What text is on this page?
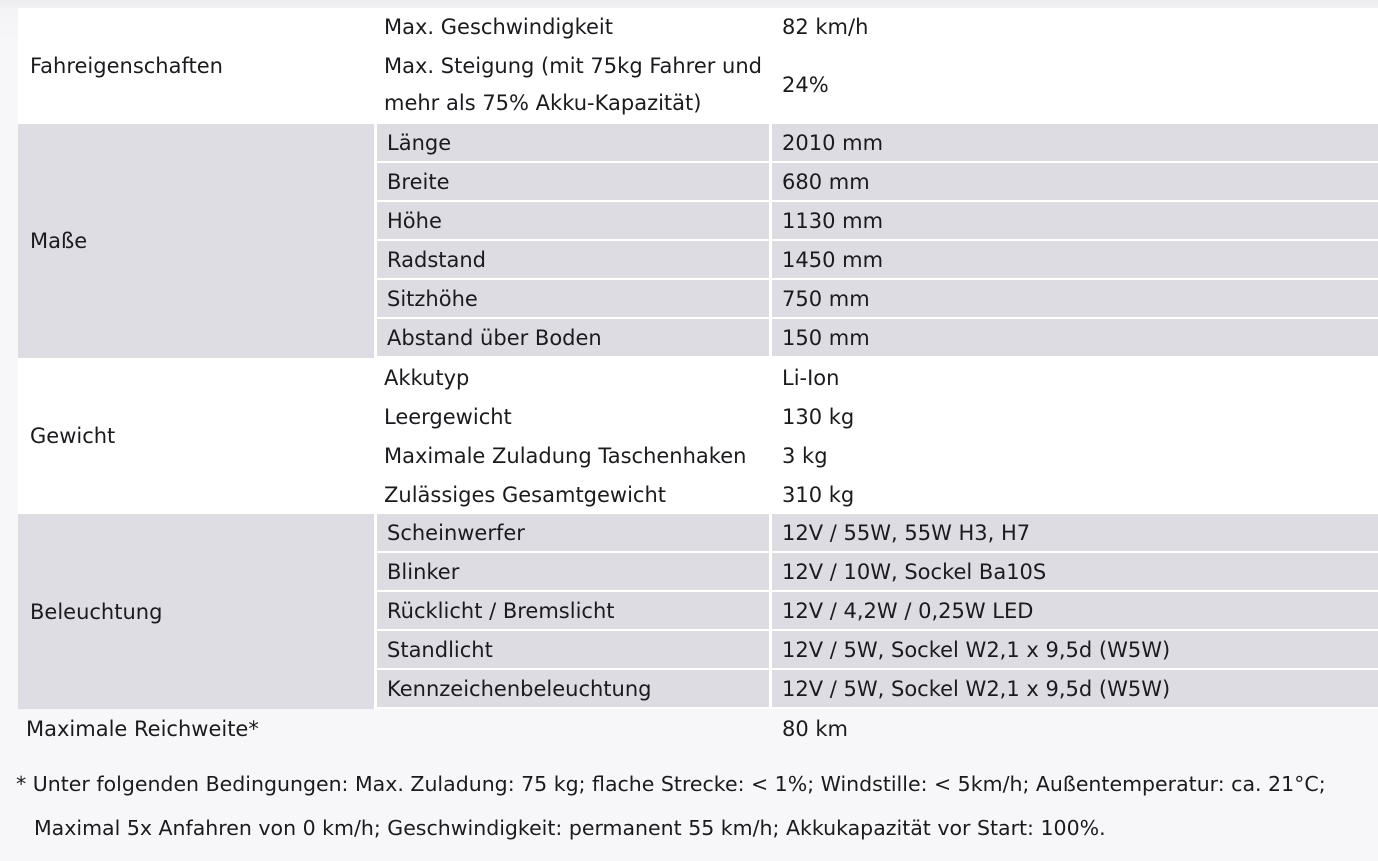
Fahreigenschaften	Max. Geschwindigkeit	82 km/h
	Max. Steigung (mit 75kg Fahrer und mehr als 75% Akku-Kapazität)	24%
Maße	Länge	2010 mm
	Breite	680 mm
	Höhe	1130 mm
	Radstand	1450 mm
	Sitzhöhe	750 mm
	Abstand über Boden	150 mm
Gewicht	Akkutyp	Li-Ion
	Leergewicht	130 kg
	Maximale Zuladung Taschenhaken	3 kg
	Zulässiges Gesamtgewicht	310 kg
Beleuchtung	Scheinwerfer	12V / 55W, 55W H3, H7
	Blinker	12V / 10W, Sockel Ba10S
	Rücklicht / Bremslicht	12V / 4,2W / 0,25W LED
	Standlicht	12V / 5W, Sockel W2,1 x 9,5d (W5W)
	Kennzeichenbeleuchtung	12V / 5W, Sockel W2,1 x 9,5d (W5W)
Maximale Reichweite*		80 km
* Unter folgenden Bedingungen: Max. Zuladung: 75 kg; flache Strecke: < 1%; Windstille: < 5km/h; Außentemperatur: ca. 21°C;
Maximal 5x Anfahren von 0 km/h; Geschwindigkeit: permanent 55 km/h; Akkukapazität vor Start: 100%.
